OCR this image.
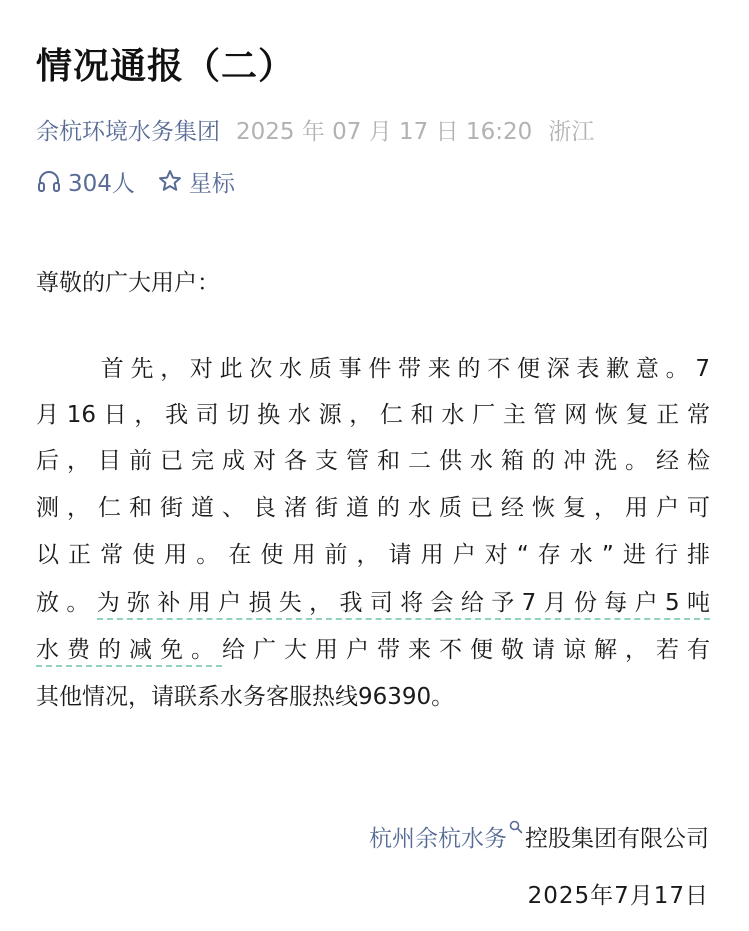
情况通报（二）
余杭环境水务集团 2025 年 07 月 17 日 16:20 浙江
304人 星标
尊敬的广大用户：
首先，对此次水质事件带来的不便深表歉意。7
月16日，我司切换水源，仁和水厂主管网恢复正常
后，目前已完成对各支管和二供水箱的冲洗。经检
测，仁和街道、良渚街道的水质已经恢复，用户可
以正常使用。在使用前，请用户对“存水”进行排
放。为弥补用户损失，我司将会给予7月份每户5吨
水费的减免。给广大用户带来不便敬请谅解，若有
其他情况，请联系水务客服热线96390。
杭州余杭水务 控股集团有限公司
2025年7月17日
